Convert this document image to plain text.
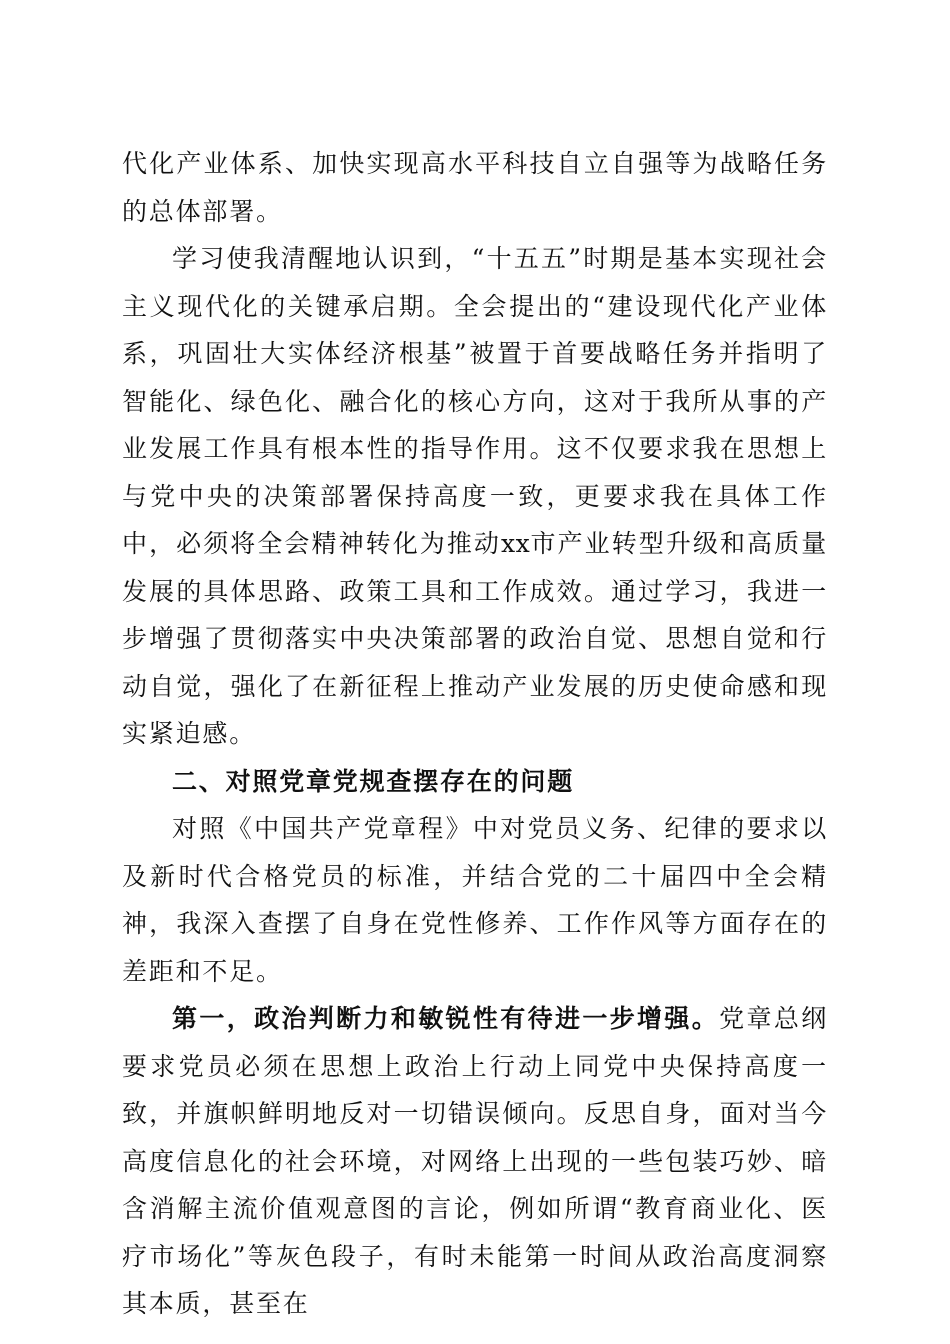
代化产业体系、加快实现高水平科技自立自强等为战略任务的总体部署。

学习使我清醒地认识到，“十五五”时期是基本实现社会主义现代化的关键承启期。全会提出的“建设现代化产业体系，巩固壮大实体经济根基”被置于首要战略任务并指明了智能化、绿色化、融合化的核心方向，这对于我所从事的产业发展工作具有根本性的指导作用。这不仅要求我在思想上与党中央的决策部署保持高度一致，更要求我在具体工作中，必须将全会精神转化为推动xx市产业转型升级和高质量发展的具体思路、政策工具和工作成效。通过学习，我进一步增强了贯彻落实中央决策部署的政治自觉、思想自觉和行动自觉，强化了在新征程上推动产业发展的历史使命感和现实紧迫感。

二、对照党章党规查摆存在的问题

对照《中国共产党章程》中对党员义务、纪律的要求以及新时代合格党员的标准，并结合党的二十届四中全会精神，我深入查摆了自身在党性修养、工作作风等方面存在的差距和不足。

第一，政治判断力和敏锐性有待进一步增强。党章总纲要求党员必须在思想上政治上行动上同党中央保持高度一致，并旗帜鲜明地反对一切错误倾向。反思自身，面对当今高度信息化的社会环境，对网络上出现的一些包装巧妙、暗含消解主流价值观意图的言论，例如所谓“教育商业化、医疗市场化”等灰色段子，有时未能第一时间从政治高度洞察其本质，甚至在
